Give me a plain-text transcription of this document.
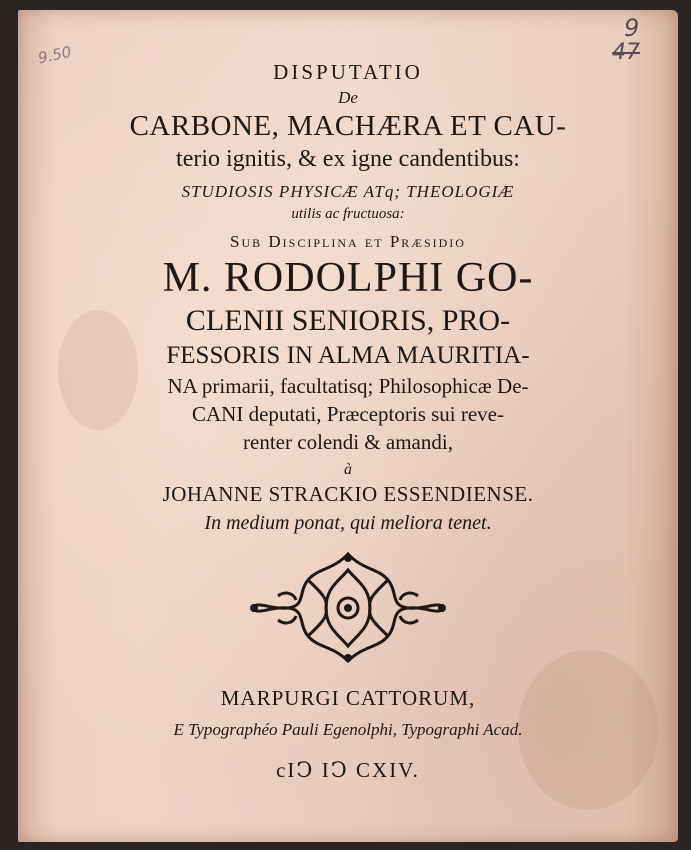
9.50
9
47
DISPUTATIO
De
CARBONE, MACHÆRA ET CAU-
terio ignitis, & ex igne candentibus:
STUDIOSIS PHYSICÆ ATq; THEOLOGIÆ
utilis ac fructuosa:
Sub Disciplina et Præsidio
M. RODOLPHI GO-
CLENII SENIORIS, PRO-
FESSORIS IN ALMA MAURITIA-
NA primarii, facultatisq; Philosophicæ De-
CANI deputati, Præceptoris sui reve-
renter colendi & amandi,
à
JOHANNE STRACKIO ESSENDIENSE.
In medium ponat, qui meliora tenet.
MARPURGI CATTORUM,
E Typographéo Pauli Egenolphi, Typographi Acad.
cIↃ IↃ CXIV.
